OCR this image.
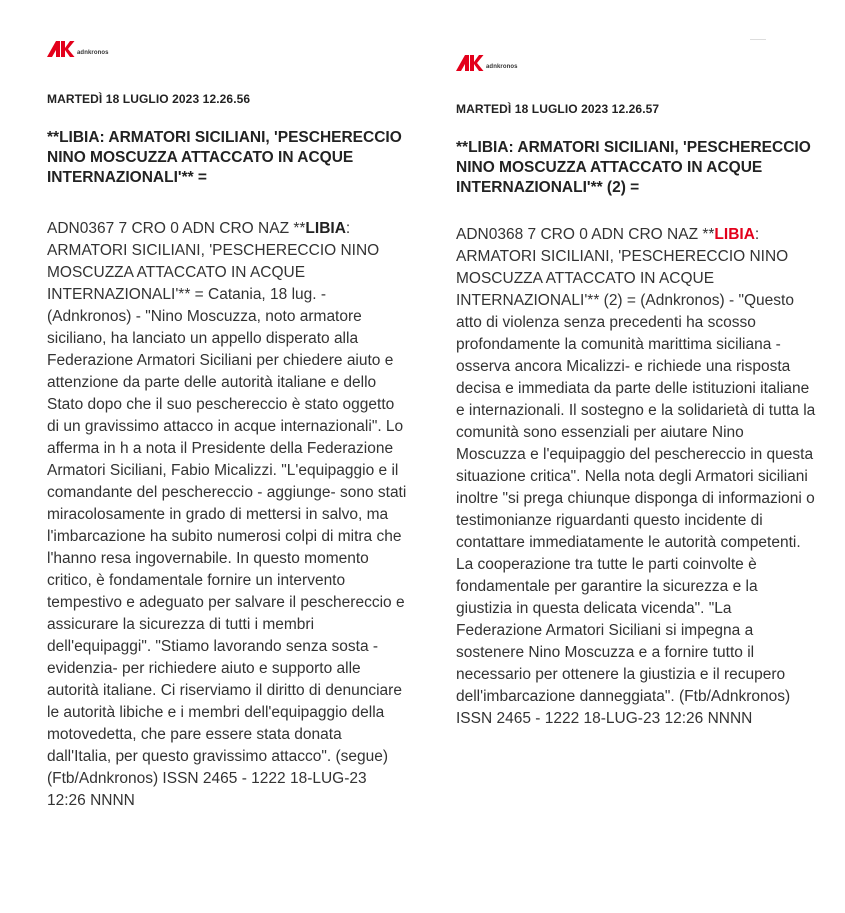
adnkronos
MARTEDÌ 18 LUGLIO 2023 12.26.56
**LIBIA: ARMATORI SICILIANI, 'PESCHERECCIO NINO MOSCUZZA ATTACCATO IN ACQUE INTERNAZIONALI'** =
ADN0367 7 CRO 0 ADN CRO NAZ **LIBIA: ARMATORI SICILIANI, 'PESCHERECCIO NINO MOSCUZZA ATTACCATO IN ACQUE INTERNAZIONALI'** = Catania, 18 lug. - (Adnkronos) - "Nino Moscuzza, noto armatore siciliano, ha lanciato un appello disperato alla Federazione Armatori Siciliani per chiedere aiuto e attenzione da parte delle autorità italiane e dello Stato dopo che il suo peschereccio è stato oggetto di un gravissimo attacco in acque internazionali". Lo afferma in h a nota il Presidente della Federazione Armatori Siciliani, Fabio Micalizzi. "L'equipaggio e il comandante del peschereccio - aggiunge- sono stati miracolosamente in grado di mettersi in salvo, ma l'imbarcazione ha subito numerosi colpi di mitra che l'hanno resa ingovernabile. In questo momento critico, è fondamentale fornire un intervento tempestivo e adeguato per salvare il peschereccio e assicurare la sicurezza di tutti i membri dell'equipaggi". "Stiamo lavorando senza sosta - evidenzia- per richiedere aiuto e supporto alle autorità italiane. Ci riserviamo il diritto di denunciare le autorità libiche e i membri dell'equipaggio della motovedetta, che pare essere stata donata dall'Italia, per questo gravissimo attacco". (segue) (Ftb/Adnkronos) ISSN 2465 - 1222 18-LUG-23 12:26 NNNN
adnkronos
MARTEDÌ 18 LUGLIO 2023 12.26.57
**LIBIA: ARMATORI SICILIANI, 'PESCHERECCIO NINO MOSCUZZA ATTACCATO IN ACQUE INTERNAZIONALI'** (2) =
ADN0368 7 CRO 0 ADN CRO NAZ **LIBIA: ARMATORI SICILIANI, 'PESCHERECCIO NINO MOSCUZZA ATTACCATO IN ACQUE INTERNAZIONALI'** (2) = (Adnkronos) - "Questo atto di violenza senza precedenti ha scosso profondamente la comunità marittima siciliana - osserva ancora Micalizzi- e richiede una risposta decisa e immediata da parte delle istituzioni italiane e internazionali. Il sostegno e la solidarietà di tutta la comunità sono essenziali per aiutare Nino Moscuzza e l'equipaggio del peschereccio in questa situazione critica". Nella nota degli Armatori siciliani inoltre "si prega chiunque disponga di informazioni o testimonianze riguardanti questo incidente di contattare immediatamente le autorità competenti. La cooperazione tra tutte le parti coinvolte è fondamentale per garantire la sicurezza e la giustizia in questa delicata vicenda". "La Federazione Armatori Siciliani si impegna a sostenere Nino Moscuzza e a fornire tutto il necessario per ottenere la giustizia e il recupero dell'imbarcazione danneggiata". (Ftb/Adnkronos) ISSN 2465 - 1222 18-LUG-23 12:26 NNNN
